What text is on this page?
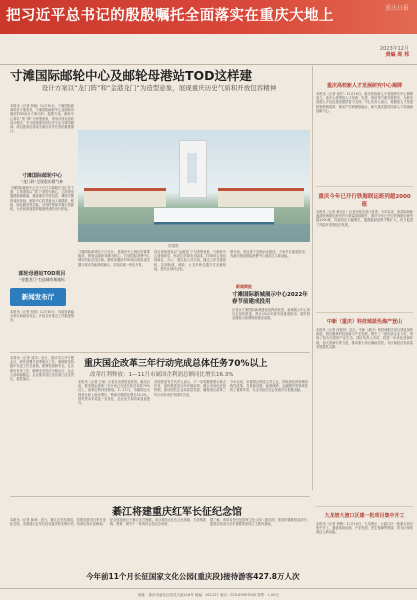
把习近平总书记的殷殷嘱托全面落实在重庆大地上	重庆日报
2023年12月
责编 周 邦
寸滩国际邮轮中心及邮轮母港站TOD这样建
设计方案以“龙门阵”和“金港龙门”为造型意象，展现重庆历史气质和开放包容精神
本报讯（记者 李晓）12月16日，寸滩国际新城项目方案发布，寸滩国际邮轮中心及邮轮母港站TOD设计方案出炉。根据方案，邮轮中心将以“龙门阵”为造型意象，采用开放包容的设计理念，充分展现重庆的历史文化与城市精神。项目建成后将成为重庆对外开放的重要窗口。
寸滩国际邮轮中心
“龙门阵”呈现重庆精气神
寸滩国际邮轮中心位于长江与嘉陵江交汇处下游，主体建筑以“龙门”造型为核心，立面采用通透玻璃幕墙，寓意重庆开放包容、兼收并蓄的城市品格。邮轮中心将具备出入境联检、候船、商业服务等功能，可同时停靠多艘大型邮轮，为市民游客提供便捷舒适的出行体验。
邮轮母港站TOD项目
“金港龙门”打造城市新地标
效果图
寸滩国际新城位于江北区，是重庆中心城区的重要板块，规划以邮轮母港为核心，打造国际消费中心城市的标志性区域。邮轮母港站TOD项目将轨道交通与城市功能深度融合，实现站城一体化开发。
项目规划建设以“金港龙门”为造型意象，与邮轮中心遥相呼应，形成江岸城市天际线。TOD综合体包括商业、办公、酒店及公共空间，通过立体交通组织，实现轨道、邮轮、公交多种交通方式无缝衔接，提升区域可达性。
据介绍，项目将于近期启动建设，力争早日建成投用，为重庆建设国际消费中心城市注入新动能。
新闻简报
寸滩国际新城展示中心2022年春节前建成投用
记者从寸滩国际新城建设指挥部获悉，新城展示中心项目正加快推进，预计2022年春节前建成投用，届时将全面展示新城规划建设成果。
新闻发布厅
本报讯（记者 张莉）12月16日，市政府新闻办举行新闻发布会，介绍全市重点工作推进情况。
重庆国企改革三年行动完成总体任务70%以上
改革红利释放：1—11月市属国企利润总额同比增长16.3%
本报讯（记者 王雨）记者从市国资委获悉，截至目前，我市国企改革三年行动已完成总体任务的70%以上，改革红利持续释放。1—11月，市属国企实现营业收入稳步增长，利润总额同比增长16.3%，国有资本布局进一步优化，企业活力和效率显著提升。
市国资委有关负责人表示，下一步将聚焦重点难点任务，加快推进混合所有制改革，健全市场化经营机制，推动国有企业高质量发展，确保国企改革三年行动各项任务按时完成。
今年以来，市属国企围绕主责主业，持续深化供给侧结构性改革，在基础设施、能源保障、金融服务等领域发挥了重要作用，为全市经济社会发展作出积极贡献。
本报讯（记者 刘洋）近日，重庆市召开专题会议，研究部署冬春季重点工作，强调要坚持稳中求进工作总基调，统筹发展和安全，扎实做好各项工作，确保全市经济平稳运行、社会大局和谐稳定。会议要求各区县各部门压实责任，狠抓落实。
綦江将建重庆红军长征纪念馆
本报讯（记者 陈涛）近日，綦江区发布消息，将建设重庆红军长征纪念馆，全面展示红军长征在重庆的光辉历史，传承弘扬长征精神。
纪念馆选址位于綦江区石壕镇，项目将结合红色文化资源，打造集展陈、教育、研学于一体的综合性纪念场馆。
据了解，该项目是长征国家文化公园（重庆段）建设的重要组成部分，建成后将成为全市重要的爱国主义教育基地。
今年前11个月长征国家文化公园(重庆段)接待游客427.8万人次
重庆高校新人才发展研究中心揭牌
本报讯（记者 周芹）12月16日，重庆高校新人才发展研究中心揭牌成立。该中心将围绕人才培养、引进、使用等方面开展研究，为我市高校人才队伍建设提供智力支持。中心负责人表示，将聚焦人才发展体制机制改革，推动产学研深度融合，助力重庆建设西部人才高地和创新中心。
重庆今年已开行铁海联运班列超2000班
本报讯（记者 黄光红）记者从相关部门获悉，今年以来，西部陆海新通道铁海联运班列开行数量持续增长，重庆今年已开行铁海联运班列超2000班，货值同比大幅增长，通道辐射范围不断扩大，有力促进了内陆开放型经济发展。
中新（重庆）科技城蓝色海产登山
本报讯（记者 何春阳）近日，中新（重庆）科技城相关项目建设加快推进。园区聚焦科技创新与产业发展，吸引了一批优质企业入驻，形成了较为完善的产业生态。园区负责人介绍，将进一步优化营商环境，加大招商引资力度，推动重大项目落地见效，为区域经济高质量发展提供支撑。
九龙坡大渡口区建一批项目集中开工
本报讯（记者 杨骏）12月16日，九龙坡区、大渡口区一批重点项目集中开工，涵盖基础设施、产业发展、民生保障等领域，将为区域发展注入新动能。
地址：重庆市渝北区同茂大道416号 邮编：401121 电话：023-63907000 零售：1.00元
